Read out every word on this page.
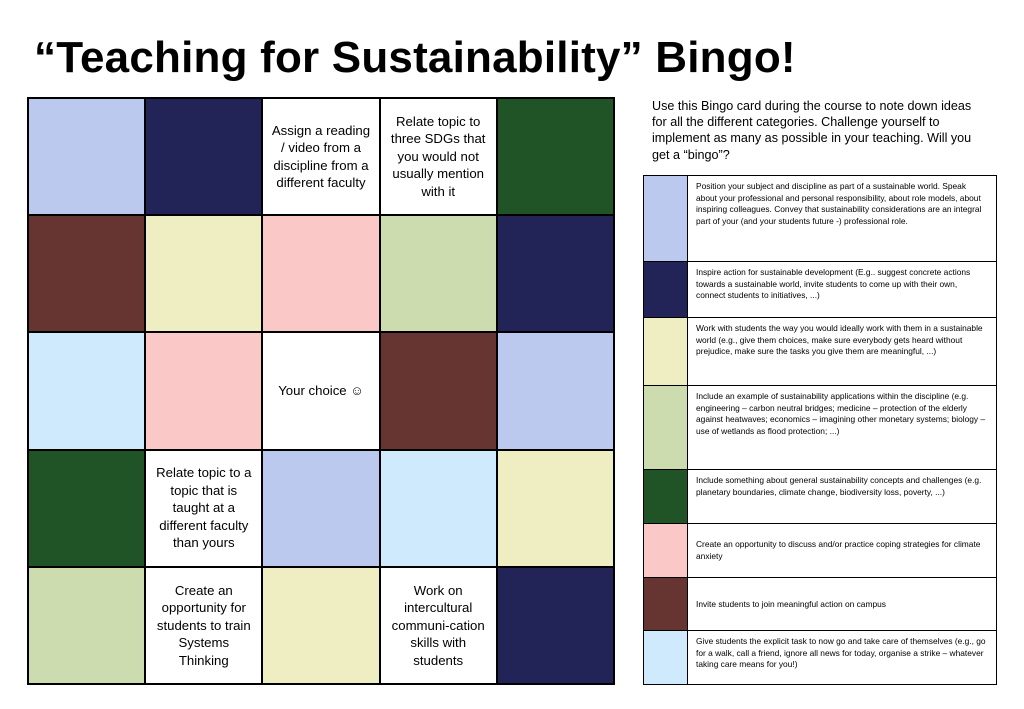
“Teaching for Sustainability” Bingo!
Assign a reading / video from a discipline from a different faculty
Relate topic to three SDGs that you would not usually mention with it
Your choice ☺
Relate topic to a topic that is taught at a different faculty than yours
Create an opportunity for students to train Systems Thinking
Work on intercultural communi-cation skills with students
Use this Bingo card during the course to note down ideas for all the different categories. Challenge yourself to implement as many as possible in your teaching. Will you get a “bingo”?
Position your subject and discipline as part of a sustainable world. Speak about your professional and personal responsibility, about role models, about inspiring colleagues. Convey that sustainability considerations are an integral part of your (and your students future -) professional role.
Inspire action for sustainable development (E.g.. suggest concrete actions towards a sustainable world, invite students to come up with their own, connect students to initiatives, ...)
Work with students the way you would ideally work with them in a sustainable world (e.g., give them choices, make sure everybody gets heard without prejudice, make sure the tasks you give them are meaningful, ...)
Include an example of sustainability applications within the discipline (e.g. engineering – carbon neutral bridges; medicine – protection of the elderly against heatwaves; economics – imagining other monetary systems; biology – use of wetlands as flood protection; ...)
Include something about general sustainability concepts and challenges (e.g. planetary boundaries, climate change, biodiversity loss, poverty, ...)
Create an opportunity to discuss and/or practice coping strategies for climate anxiety
Invite students to join meaningful action on campus
Give students the explicit task to now go and take care of themselves (e.g., go for a walk, call a friend, ignore all news for today, organise a strike – whatever taking care means for you!)
